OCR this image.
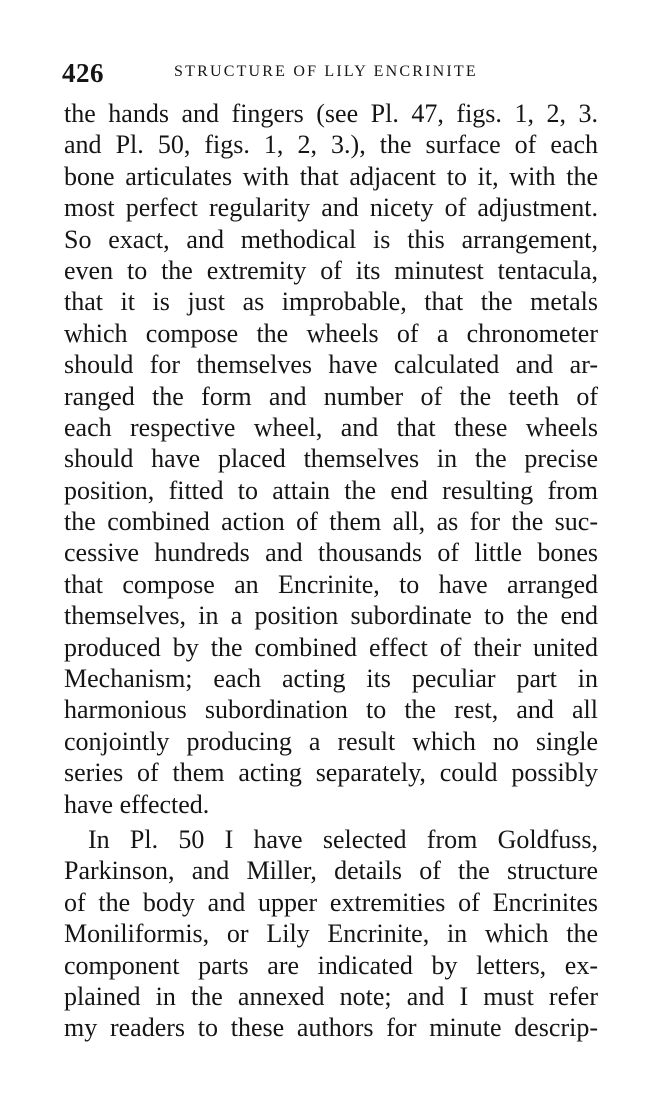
426	STRUCTURE OF LILY ENCRINITE
the hands and fingers (see Pl. 47, figs. 1, 2, 3.
and Pl. 50, figs. 1, 2, 3.), the surface of each
bone articulates with that adjacent to it, with the
most perfect regularity and nicety of adjustment.
So exact, and methodical is this arrangement,
even to the extremity of its minutest tentacula,
that it is just as improbable, that the metals
which compose the wheels of a chronometer
should for themselves have calculated and ar-
ranged the form and number of the teeth of
each respective wheel, and that these wheels
should have placed themselves in the precise
position, fitted to attain the end resulting from
the combined action of them all, as for the suc-
cessive hundreds and thousands of little bones
that compose an Encrinite, to have arranged
themselves, in a position subordinate to the end
produced by the combined effect of their united
Mechanism; each acting its peculiar part in
harmonious subordination to the rest, and all
conjointly producing a result which no single
series of them acting separately, could possibly
have effected.
In Pl. 50 I have selected from Goldfuss,
Parkinson, and Miller, details of the structure
of the body and upper extremities of Encrinites
Moniliformis, or Lily Encrinite, in which the
component parts are indicated by letters, ex-
plained in the annexed note; and I must refer
my readers to these authors for minute descrip-
